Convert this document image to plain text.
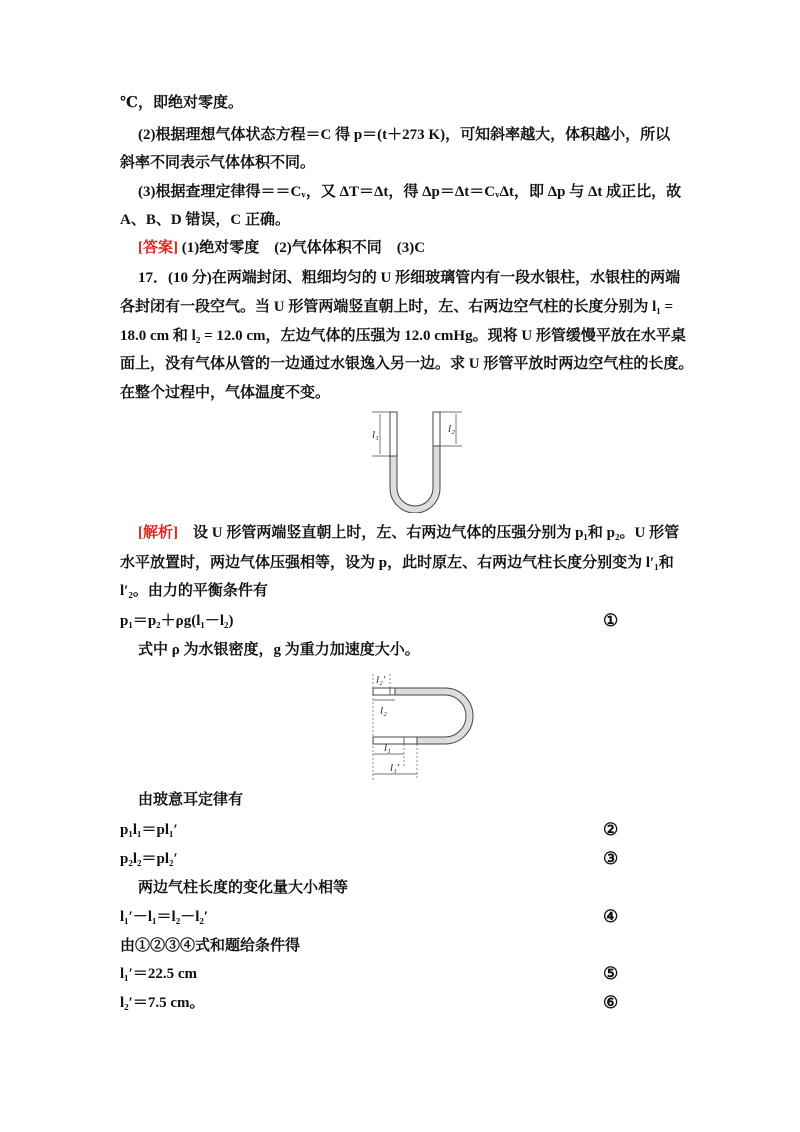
℃，即绝对零度。
(2)根据理想气体状态方程＝C 得 p＝(t＋273 K)，可知斜率越大，体积越小，所以
斜率不同表示气体体积不同。
(3)根据查理定律得＝＝Cᵥ，又 ΔT＝Δt，得 Δp＝Δt＝CᵥΔt，即 Δp 与 Δt 成正比，故
A、B、D 错误，C 正确。
[答案] (1)绝对零度　(2)气体体积不同　(3)C
17．(10 分)在两端封闭、粗细均匀的 U 形细玻璃管内有一段水银柱，水银柱的两端
各封闭有一段空气。当 U 形管两端竖直朝上时，左、右两边空气柱的长度分别为 l₁ =
18.0 cm 和 l₂ = 12.0 cm，左边气体的压强为 12.0 cmHg。现将 U 形管缓慢平放在水平桌
面上，没有气体从管的一边通过水银逸入另一边。求 U 形管平放时两边空气柱的长度。
在整个过程中，气体温度不变。
l₁	l₂
[解析]　设 U 形管两端竖直朝上时，左、右两边气体的压强分别为 p₁和 p₂。U 形管
水平放置时，两边气体压强相等，设为 p，此时原左、右两边气柱长度分别变为 l′₁和
l′₂。由力的平衡条件有
p₁＝p₂＋ρg(l₁－l₂)	①
式中 ρ 为水银密度，g 为重力加速度大小。
l₂′
l₂
l₁
l₁′
由玻意耳定律有
p₁l₁＝pl₁′	②
p₂l₂＝pl₂′	③
两边气柱长度的变化量大小相等
l₁′－l₁＝l₂－l₂′	④
由①②③④式和题给条件得
l₁′＝22.5 cm	⑤
l₂′＝7.5 cm。	⑥
